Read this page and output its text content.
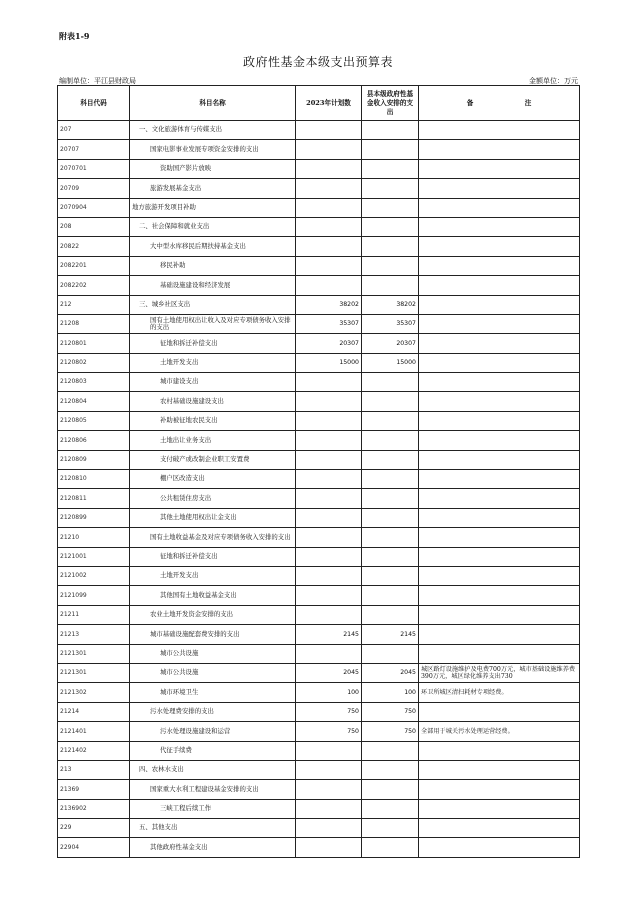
附表1-9
政府性基金本级支出预算表
编制单位：平江县财政局	金额单位：万元
科目代码	科目名称	2023年计划数	县本级政府性基金收入安排的支出	备 注

207	一、文化旅游体育与传媒支出			
20707	国家电影事业发展专项资金安排的支出			
2070701	资助国产影片放映			
20709	旅游发展基金支出			
2070904	地方旅游开发项目补助			
208	二、社会保障和就业支出			
20822	大中型水库移民后期扶持基金支出			
2082201	移民补助			
2082202	基础设施建设和经济发展			
212	三、城乡社区支出	38202	38202	
21208	国有土地使用权出让收入及对应专项债务收入安排的支出	35307	35307	
2120801	征地和拆迁补偿支出	20307	20307	
2120802	土地开发支出	15000	15000	
2120803	城市建设支出			
2120804	农村基础设施建设支出			
2120805	补助被征地农民支出			
2120806	土地出让业务支出			
2120809	支付破产或改制企业职工安置费			
2120810	棚户区改造支出			
2120811	公共租赁住房支出			
2120899	其他土地使用权出让金支出			
21210	国有土地收益基金及对应专项债务收入安排的支出			
2121001	征地和拆迁补偿支出			
2121002	土地开发支出			
2121099	其他国有土地收益基金支出			
21211	农业土地开发资金安排的支出			
21213	城市基础设施配套费安排的支出	2145	2145	
2121301	城市公共设施			
2121301	城市公共设施	2045	2045	城区路灯设施维护及电费700万元，城市基础设施维养费390万元，城区绿化维养支出730
2121302	城市环境卫生	100	100	环卫所城区清扫耗材专项经费。
21214	污水处理费安排的支出	750	750	
2121401	污水处理设施建设和运营	750	750	全部用于城关污水处理运营经费。
2121402	代征手续费			
213	四、农林水支出			
21369	国家重大水利工程建设基金安排的支出			
2136902	三峡工程后续工作			
229	五、其他支出			
22904	其他政府性基金支出			
